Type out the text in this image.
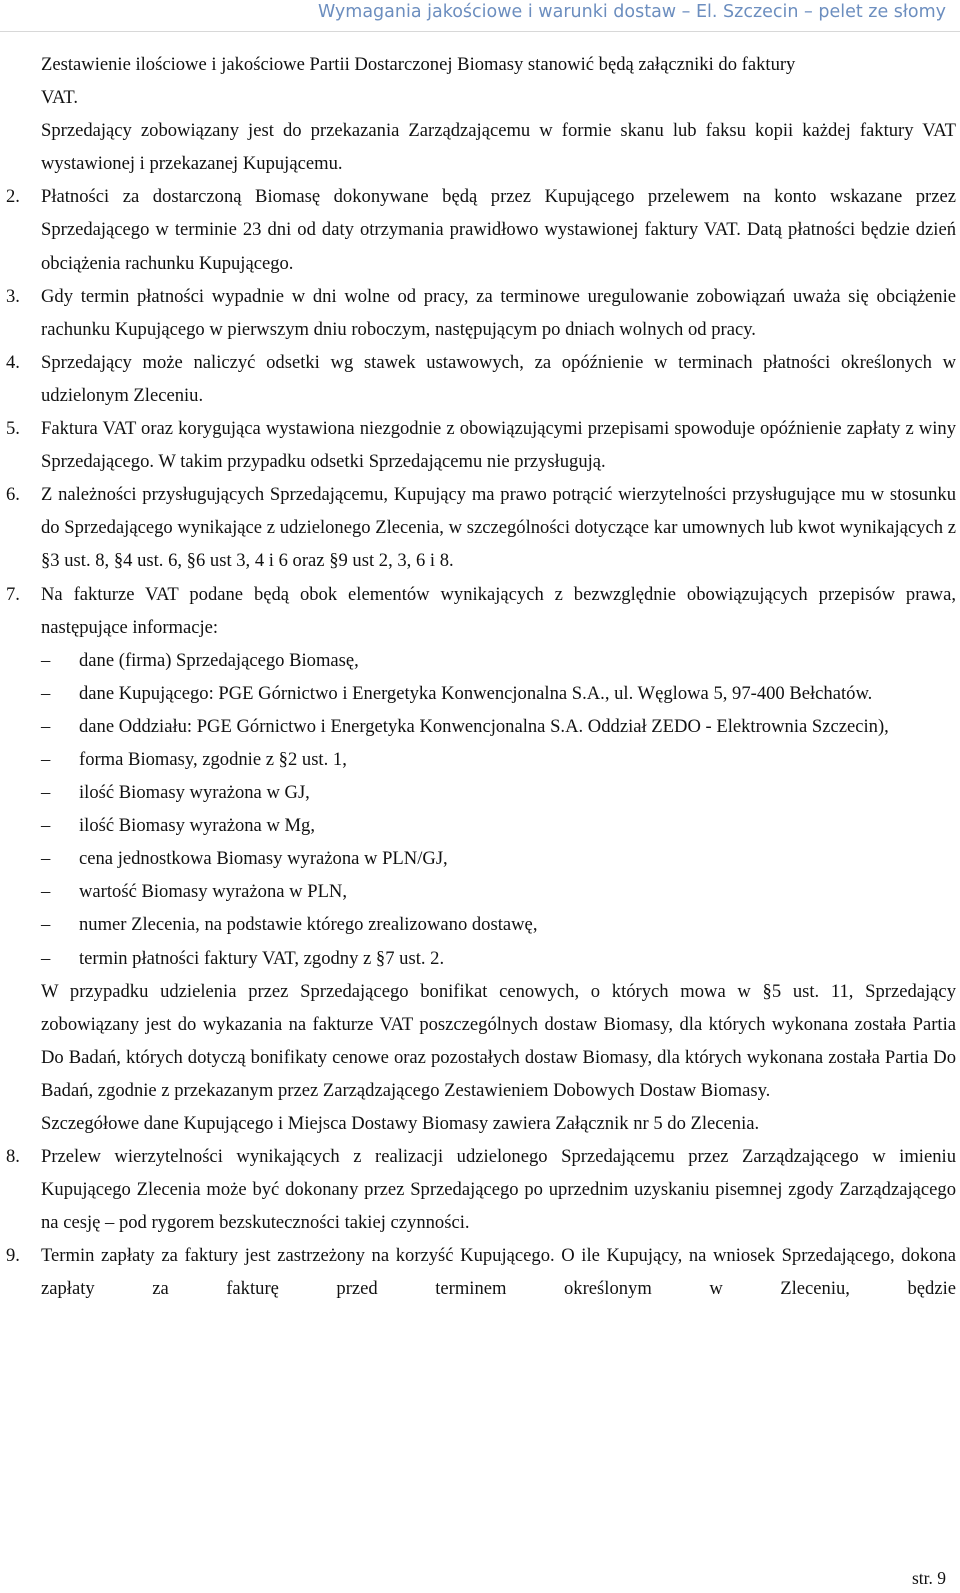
Wymagania jakościowe i warunki dostaw – El. Szczecin – pelet ze słomy

Zestawienie ilościowe i jakościowe Partii Dostarczonej Biomasy stanowić będą załączniki do faktury
VAT.

Sprzedający zobowiązany jest do przekazania Zarządzającemu w formie skanu lub faksu kopii każdej faktury VAT wystawionej i przekazanej Kupującemu.

2. Płatności za dostarczoną Biomasę dokonywane będą przez Kupującego przelewem na konto wskazane przez Sprzedającego w terminie 23 dni od daty otrzymania prawidłowo wystawionej faktury VAT. Datą płatności będzie dzień obciążenia rachunku Kupującego.

3. Gdy termin płatności wypadnie w dni wolne od pracy, za terminowe uregulowanie zobowiązań uważa się obciążenie rachunku Kupującego w pierwszym dniu roboczym, następującym po dniach wolnych od pracy.

4. Sprzedający może naliczyć odsetki wg stawek ustawowych, za opóźnienie w terminach płatności określonych w udzielonym Zleceniu.

5. Faktura VAT oraz korygująca wystawiona niezgodnie z obowiązującymi przepisami spowoduje opóźnienie zapłaty z winy Sprzedającego. W takim przypadku odsetki Sprzedającemu nie przysługują.

6. Z należności przysługujących Sprzedającemu, Kupujący ma prawo potrącić wierzytelności przysługujące mu w stosunku do Sprzedającego wynikające z udzielonego Zlecenia, w szczególności dotyczące kar umownych lub kwot wynikających z §3 ust. 8, §4 ust. 6, §6 ust 3, 4 i 6 oraz §9 ust 2, 3, 6 i 8.

7. Na fakturze VAT podane będą obok elementów wynikających z bezwzględnie obowiązujących przepisów prawa, następujące informacje:

– dane (firma) Sprzedającego Biomasę,

– dane Kupującego: PGE Górnictwo i Energetyka Konwencjonalna S.A., ul. Węglowa 5, 97-400 Bełchatów.

– dane Oddziału: PGE Górnictwo i Energetyka Konwencjonalna S.A. Oddział ZEDO - Elektrownia Szczecin),

– forma Biomasy, zgodnie z §2 ust. 1,

– ilość Biomasy wyrażona w GJ,

– ilość Biomasy wyrażona w Mg,

– cena jednostkowa Biomasy wyrażona w PLN/GJ,

– wartość Biomasy wyrażona w PLN,

– numer Zlecenia, na podstawie którego zrealizowano dostawę,

– termin płatności faktury VAT, zgodny z §7 ust. 2.

W przypadku udzielenia przez Sprzedającego bonifikat cenowych, o których mowa w §5 ust. 11, Sprzedający zobowiązany jest do wykazania na fakturze VAT poszczególnych dostaw Biomasy, dla których wykonana została Partia Do Badań, których dotyczą bonifikaty cenowe oraz pozostałych dostaw Biomasy, dla których wykonana została Partia Do Badań, zgodnie z przekazanym przez Zarządzającego Zestawieniem Dobowych Dostaw Biomasy.

Szczegółowe dane Kupującego i Miejsca Dostawy Biomasy zawiera Załącznik nr 5 do Zlecenia.

8. Przelew wierzytelności wynikających z realizacji udzielonego Sprzedającemu przez Zarządzającego w imieniu Kupującego Zlecenia może być dokonany przez Sprzedającego po uprzednim uzyskaniu pisemnej zgody Zarządzającego na cesję – pod rygorem bezskuteczności takiej czynności.

9. Termin zapłaty za faktury jest zastrzeżony na korzyść Kupującego. O ile Kupujący, na wniosek Sprzedającego, dokona zapłaty za fakturę przed terminem określonym w Zleceniu, będzie

str. 9
